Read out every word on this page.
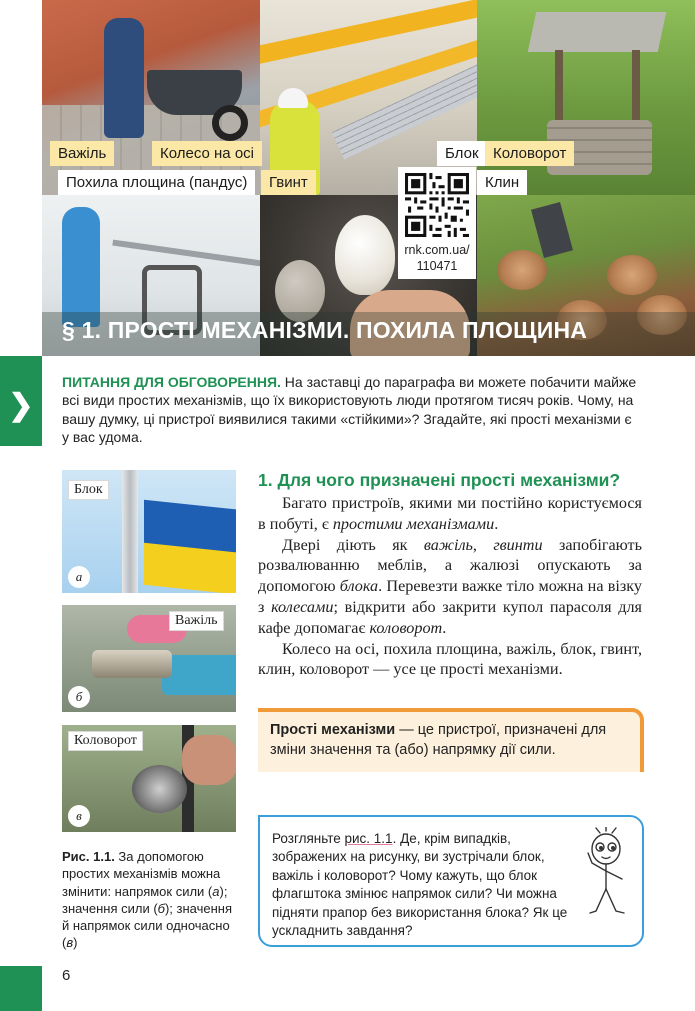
§ 1. ПРОСТІ МЕХАНІЗМИ. ПОХИЛА ПЛОЩИНА
Важіль	Колесо на осі	Блок Коловорот
Похила площина (пандус)	Гвинт	Клин
rnk.com.ua/
110471
❯
ПИТАННЯ ДЛЯ ОБГОВОРЕННЯ. На заставці до параграфа ви можете побачити майже всі види простих механізмів, що їх використовують люди протягом тисяч років. Чому, на вашу думку, ці пристрої виявилися такими «стійкими»? Згадайте, які прості механізми є у вас удома.
Блок
а
Важіль
б
Коловорот
в
Рис. 1.1. За допомогою простих механізмів можна змінити: напрямок сили (а); значення сили (б); значення й напрямок сили одночасно (в)
1. Для чого призначені прості механізми?

Багато пристроїв, якими ми постійно користуємося в побуті, є простими механізмами.

Двері діють як важіль, гвинти запобігають розвалюванню меблів, а жалюзі опускають за допомогою блока. Перевезти важке тіло можна на візку з колесами; відкрити або закрити купол парасоля для кафе допомагає коловорот.

Колесо на осі, похила площина, важіль, блок, гвинт, клин, коловорот — усе це прості механізми.

Прості механізми — це пристрої, призначені для зміни значення та (або) напрямку дії сили.
Розгляньте рис. 1.1. Де, крім випадків, зображених на рисунку, ви зустрічали блок, важіль і коловорот? Чому кажуть, що блок флагштока змінює напрямок сили? Чи можна підняти прапор без використання блока? Як це ускладнить завдання?
6
